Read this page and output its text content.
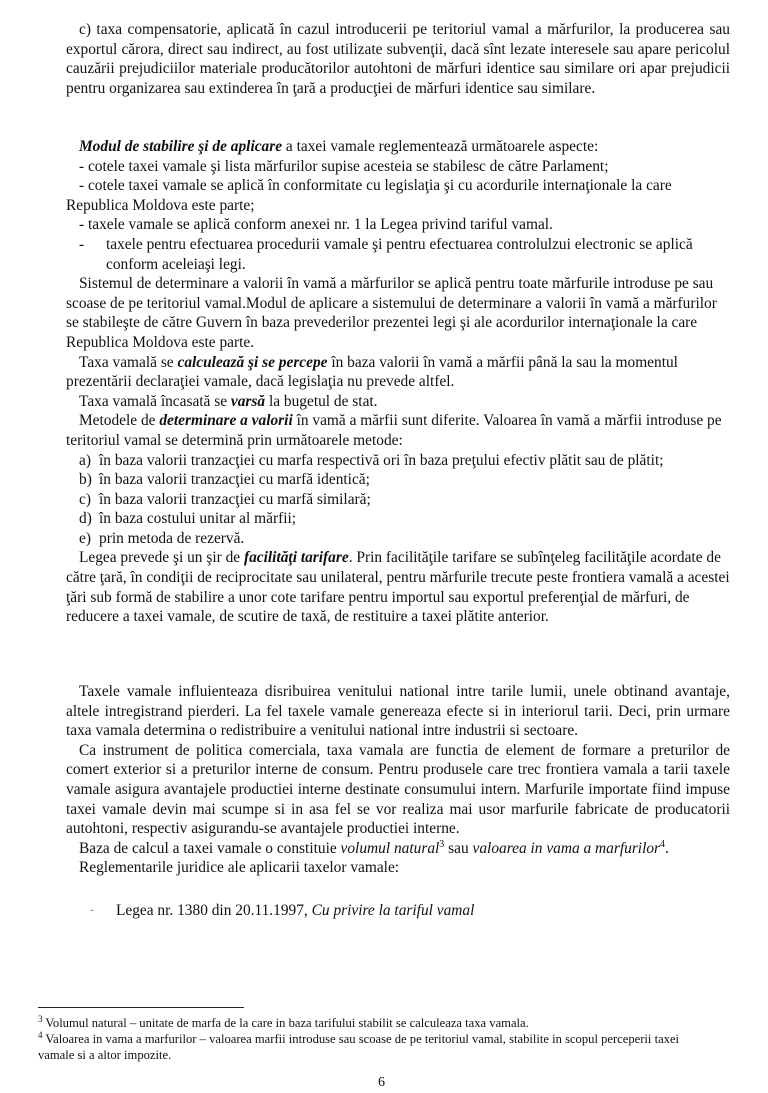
c) taxa compensatorie, aplicată în cazul introducerii pe teritoriul vamal a mărfurilor, la producerea sau exportul cărora, direct sau indirect, au fost utilizate subvenţii, dacă sînt lezate interesele sau apare pericolul cauzării prejudiciilor materiale producătorilor autohtoni de mărfuri identice sau similare ori apar prejudicii pentru organizarea sau extinderea în ţară a producţiei de mărfuri identice sau similare.

Modul de stabilire şi de aplicare a taxei vamale reglementează următoarele aspecte:

- cotele taxei vamale şi lista mărfurilor supise acesteia se stabilesc de către Parlament;

- cotele taxei vamale se aplică în conformitate cu legislaţia şi cu acordurile internaţionale la care Republica Moldova este parte;

- taxele vamale se aplică conform anexei nr. 1 la Legea privind tariful vamal.

- taxele pentru efectuarea procedurii vamale şi pentru efectuarea controlulzui electronic se aplică conform aceleiaşi legi.

Sistemul de determinare a valorii în vamă a mărfurilor se aplică pentru toate mărfurile introduse pe sau scoase de pe teritoriul vamal.Modul de aplicare a sistemului de determinare a valorii în vamă a mărfurilor se stabileşte de către Guvern în baza prevederilor prezentei legi şi ale acordurilor internaţionale la care Republica Moldova este parte.

Taxa vamală se calculează şi se percepe în baza valorii în vamă a mărfii până la sau la momentul prezentării declaraţiei vamale, dacă legislaţia nu prevede altfel.

Taxa vamală încasată se varsă la bugetul de stat.

Metodele de determinare a valorii în vamă a mărfii sunt diferite. Valoarea în vamă a mărfii introduse pe teritoriul vamal se determină prin următoarele metode:

a) în baza valorii tranzacţiei cu marfa respectivă ori în baza preţului efectiv plătit sau de plătit;

b) în baza valorii tranzacţiei cu marfă identică;

c) în baza valorii tranzacţiei cu marfă similară;

d) în baza costului unitar al mărfii;

e) prin metoda de rezervă.

Legea prevede şi un şir de facilităţi tarifare. Prin facilităţile tarifare se subînţeleg facilităţile acordate de către ţară, în condiţii de reciprocitate sau unilateral, pentru mărfurile trecute peste frontiera vamală a acestei ţări sub formă de stabilire a unor cote tarifare pentru importul sau exportul preferenţial de mărfuri, de reducere a taxei vamale, de scutire de taxă, de restituire a taxei plătite anterior.

Taxele vamale influienteaza disribuirea venitului national intre tarile lumii, unele obtinand avantaje, altele intregistrand pierderi. La fel taxele vamale genereaza efecte si in interiorul tarii. Deci, prin urmare taxa vamala determina o redistribuire a venitului national intre industrii si sectoare.

Ca instrument de politica comerciala, taxa vamala are functia de element de formare a preturilor de comert exterior si a preturilor interne de consum. Pentru produsele care trec frontiera vamala a tarii taxele vamale asigura avantajele productiei interne destinate consumului intern. Marfurile importate fiind impuse taxei vamale devin mai scumpe si in asa fel se vor realiza mai usor marfurile fabricate de producatorii autohtoni, respectiv asigurandu-se avantajele productiei interne.

Baza de calcul a taxei vamale o constituie volumul natural$^3$ sau valoarea in vama a marfurilor$^4$.

Reglementarile juridice ale aplicarii taxelor vamale:

· Legea nr. 1380 din 20.11.1997, Cu privire la tariful vamal

$^3$ Volumul natural – unitate de marfa de la care in baza tarifului stabilit se calculeaza taxa vamala.

$^4$ Valoarea in vama a marfurilor – valoarea marfii introduse sau scoase de pe teritoriul vamal, stabilite in scopul perceperii taxei vamale si a altor impozite.

6
